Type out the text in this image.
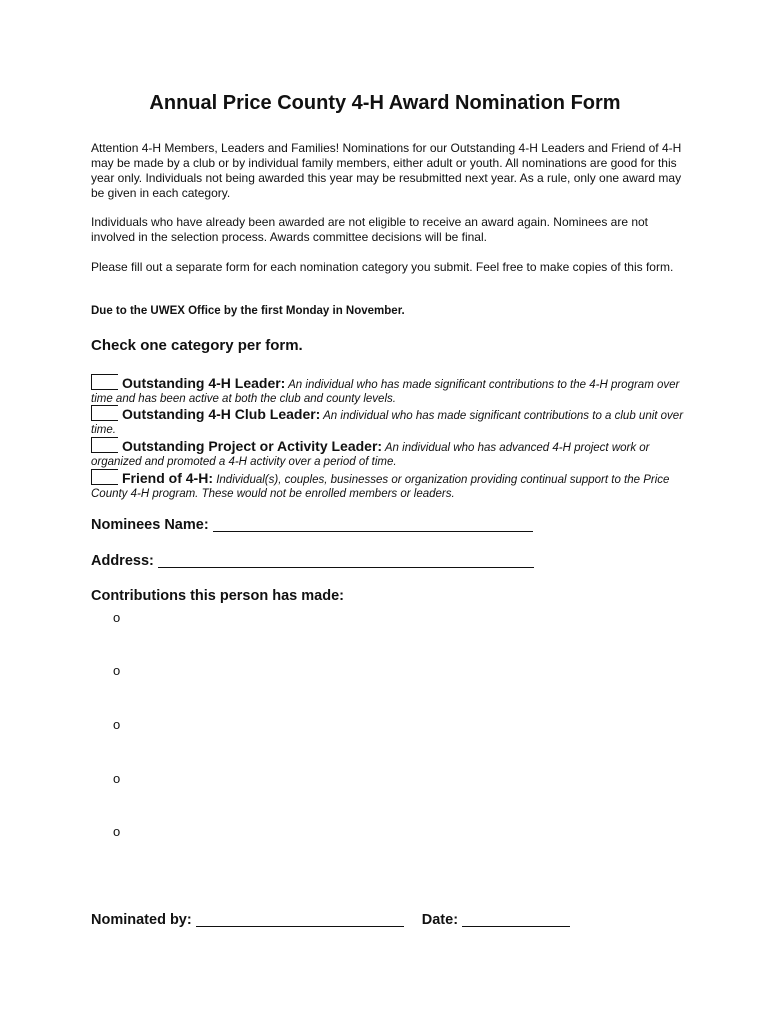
Annual Price County 4-H Award Nomination Form

Attention 4-H Members, Leaders and Families! Nominations for our Outstanding 4-H Leaders and Friend of 4-H may be made by a club or by individual family members, either adult or youth. All nominations are good for this year only. Individuals not being awarded this year may be resubmitted next year. As a rule, only one award may be given in each category.

Individuals who have already been awarded are not eligible to receive an award again. Nominees are not involved in the selection process. Awards committee decisions will be final.

Please fill out a separate form for each nomination category you submit. Feel free to make copies of this form.

Due to the UWEX Office by the first Monday in November.
Check one category per form.
Outstanding 4-H Leader: An individual who has made significant contributions to the 4-H program over time and has been active at both the club and county levels.
Outstanding 4-H Club Leader: An individual who has made significant contributions to a club unit over time.
Outstanding Project or Activity Leader: An individual who has advanced 4-H project work or organized and promoted a 4-H activity over a period of time.
Friend of 4-H: Individual(s), couples, businesses or organization providing continual support to the Price County 4-H program. These would not be enrolled members or leaders.
Nominees Name:
Address:
Contributions this person has made:
o
o
o
o
o
Nominated by:	Date:
